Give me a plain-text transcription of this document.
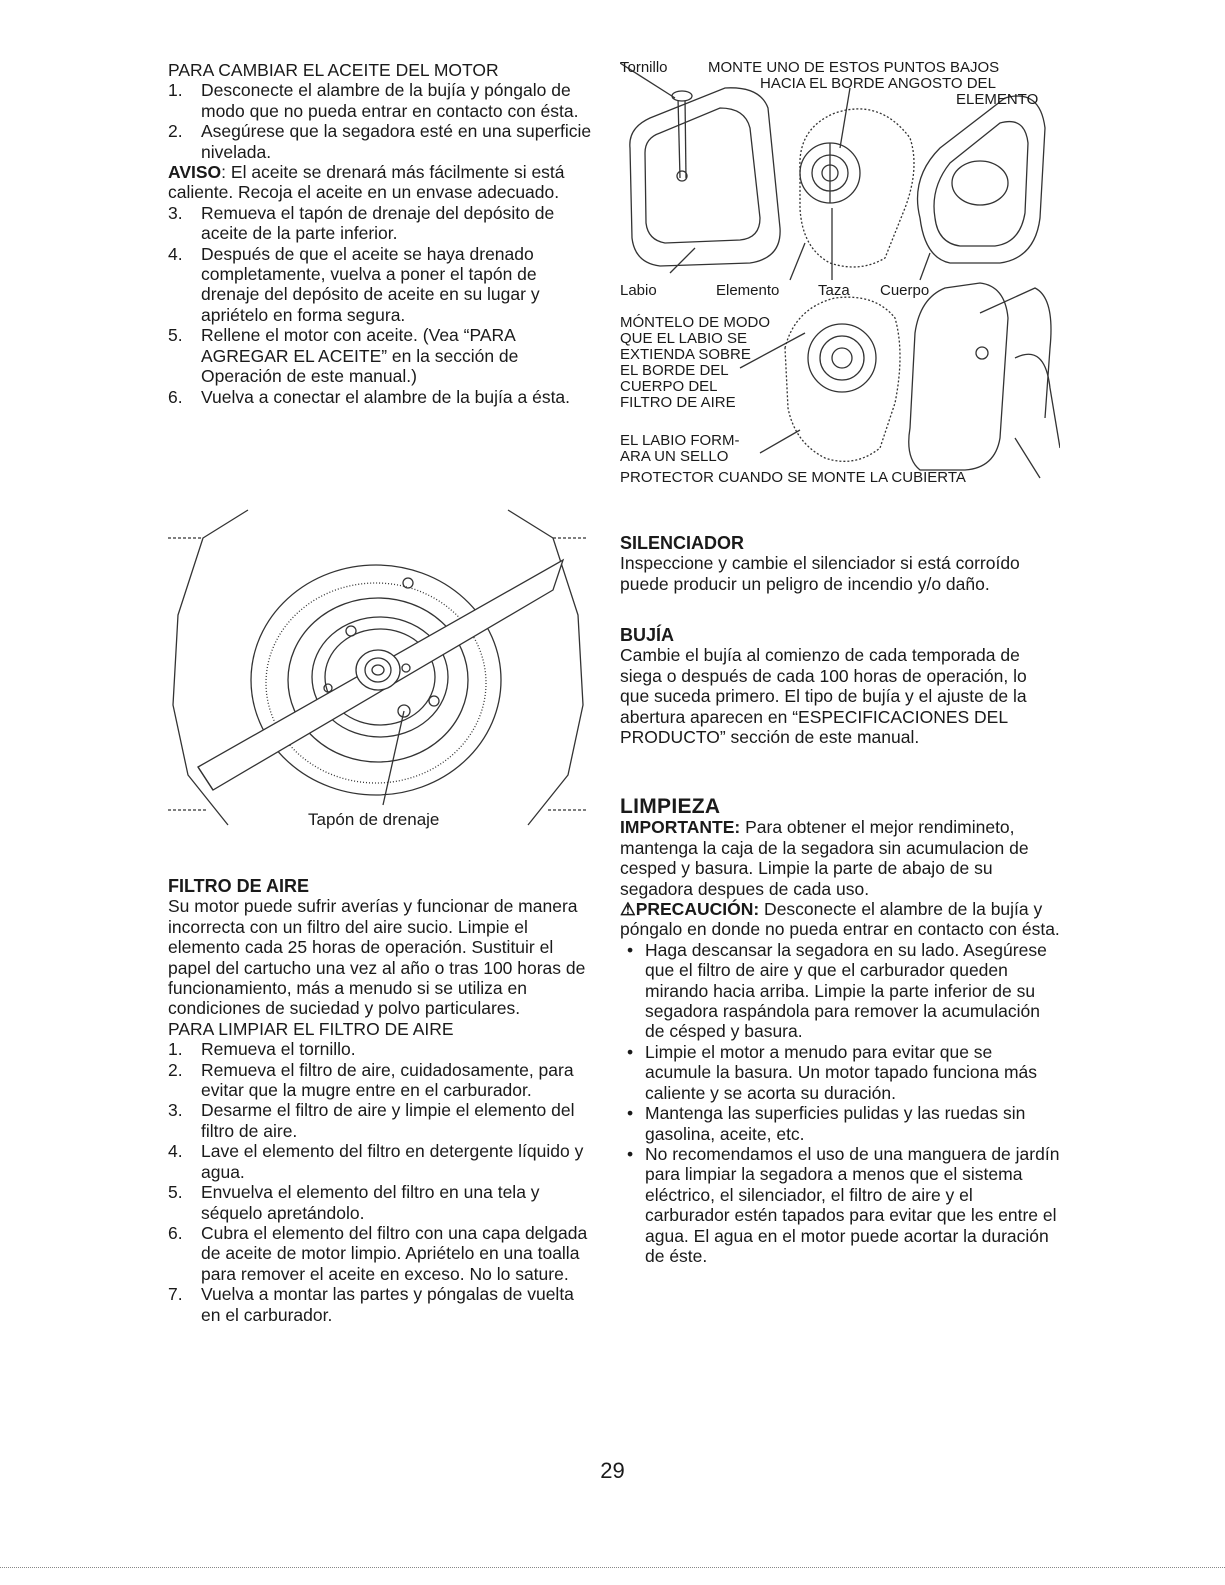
PARA CAMBIAR EL ACEITE DEL MOTOR

1. Desconecte el alambre de la bujía y póngalo de modo que no pueda entrar en contacto con ésta.
2. Asegúrese que la segadora esté en una superficie nivelada.

AVISO: El aceite se drenará más fácilmente si está caliente. Recoja el aceite en un envase adecuado.

3. Remueva el tapón de drenaje del depósito de aceite de la parte inferior.
4. Después de que el aceite se haya drenado completamente, vuelva a poner el tapón de drenaje del depósito de aceite en su lugar y apriételo en forma segura.
5. Rellene el motor con aceite. (Vea “PARA AGREGAR EL ACEITE” en la sección de Operación de este manual.)
6. Vuelva a conectar el alambre de la bujía a ésta.
Tapón de drenaje

FILTRO DE AIRE

Su motor puede sufrir averías y funcionar de manera incorrecta con un filtro del aire sucio. Limpie el elemento cada 25 horas de operación. Sustituir el papel del cartucho una vez al año o tras 100 horas de funcionamiento, más a menudo si se utiliza en condiciones de suciedad y polvo particulares.

PARA LIMPIAR EL FILTRO DE AIRE

1. Remueva el tornillo.
2. Remueva el filtro de aire, cuidadosamente, para evitar que la mugre entre en el carburador.
3. Desarme el filtro de aire y limpie el elemento del filtro de aire.
4. Lave el elemento del filtro en detergente líquido y agua.
5. Envuelva el elemento del filtro en una tela y séquelo apretándolo.
6. Cubra el elemento del filtro con una capa delgada de aceite de motor limpio. Apriételo en una toalla para remover el aceite en exceso. No lo sature.
7. Vuelva a montar las partes y póngalas de vuelta en el carburador.
Tornillo	MONTE UNO DE ESTOS PUNTOS BAJOS
HACIA EL BORDE ANGOSTO DEL
ELEMENTO
Labio	Elemento	Taza Cuerpo
MÓNTELO DE MODO
QUE EL LABIO SE
EXTIENDA SOBRE
EL BORDE DEL
CUERPO DEL
FILTRO DE AIRE
EL LABIO FORM-
ARA UN SELLO
PROTECTOR CUANDO SE MONTE LA CUBIERTA

SILENCIADOR

Inspeccione y cambie el silenciador si está corroído puede producir un peligro de incendio y/o daño.

BUJÍA

Cambie el bujía al comienzo de cada temporada de siega o después de cada 100 horas de operación, lo que suceda primero. El tipo de bujía y el ajuste de la abertura aparecen en “ESPECIFICACIONES DEL PRODUCTO” sección de este manual.

LIMPIEZA

IMPORTANTE: Para obtener el mejor rendimineto, mantenga la caja de la segadora sin acumulacion de cesped y basura. Limpie la parte de abajo de su segadora despues de cada uso.

⚠PRECAUCIÓN: Desconecte el alambre de la bujía y póngalo en donde no pueda entrar en contacto con ésta.

• Haga descansar la segadora en su lado. Asegúrese que el filtro de aire y que el carburador queden mirando hacia arriba. Limpie la parte inferior de su segadora raspándola para remover la acumulación de césped y basura.
• Limpie el motor a menudo para evitar que se acumule la basura. Un motor tapado funciona más caliente y se acorta su duración.
• Mantenga las superficies pulidas y las ruedas sin gasolina, aceite, etc.
• No recomendamos el uso de una manguera de jardín para limpiar la segadora a menos que el sistema eléctrico, el silenciador, el filtro de aire y el carburador estén tapados para evitar que les entre el agua. El agua en el motor puede acortar la duración de éste.
29
